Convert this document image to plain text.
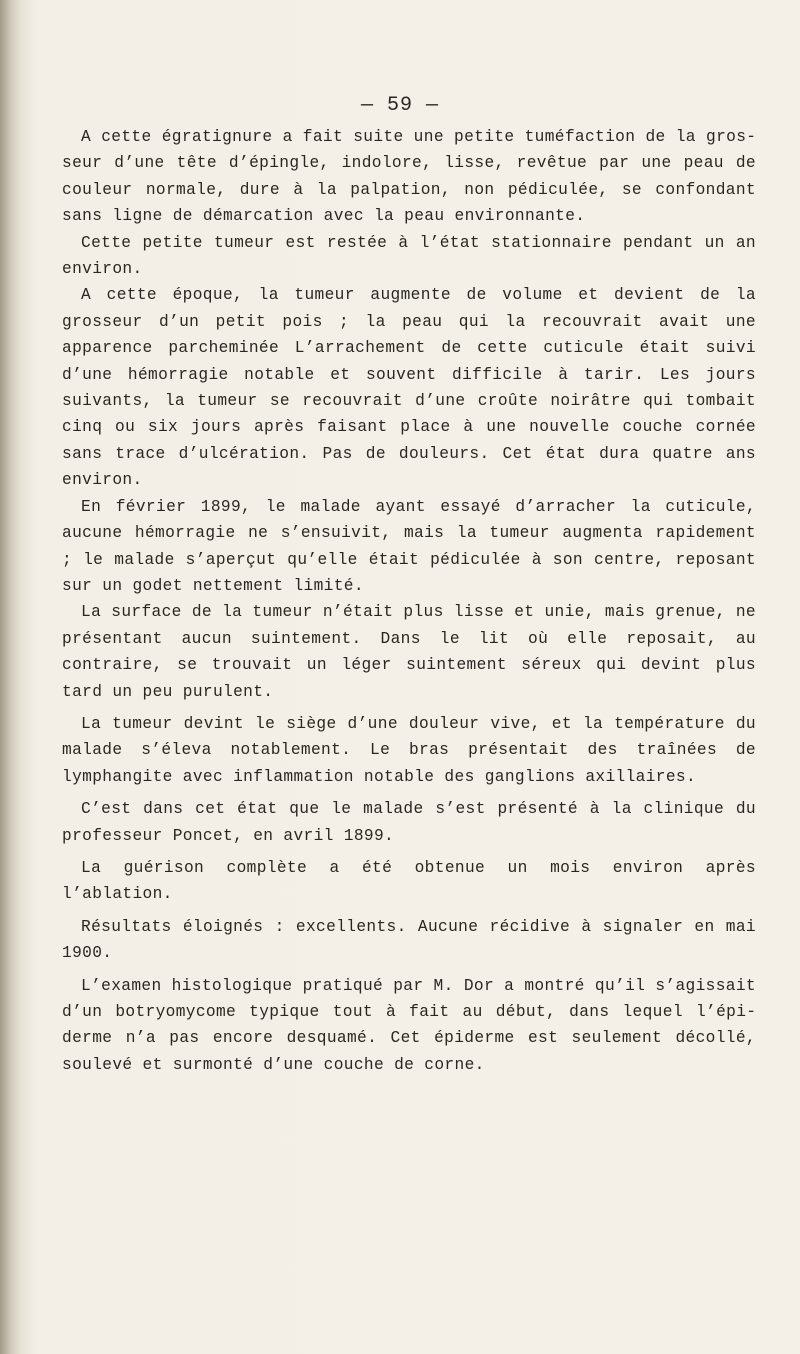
— 59 —

A cette égratignure a fait suite une petite tuméfaction de la grosseur d’une tête d’épingle, indolore, lisse, revêtue par une peau de couleur normale, dure à la palpation, non pédiculée, se confondant sans ligne de démarcation avec la peau environnante.

Cette petite tumeur est restée à l’état stationnaire pendant un an environ.

A cette époque, la tumeur augmente de volume et devient de la grosseur d’un petit pois ; la peau qui la recouvrait avait une apparence parcheminée L’arrachement de cette cuticule était suivi d’une hémorragie notable et souvent difficile à tarir. Les jours suivants, la tumeur se recouvrait d’une croûte noirâtre qui tombait cinq ou six jours après faisant place à une nouvelle couche cornée sans trace d’ulcération. Pas de douleurs. Cet état dura quatre ans environ.

En février 1899, le malade ayant essayé d’arracher la cuticule, aucune hémorragie ne s’ensuivit, mais la tumeur augmenta rapidement ; le malade s’aperçut qu’elle était pédiculée à son centre, reposant sur un godet nettement limité.

La surface de la tumeur n’était plus lisse et unie, mais grenue, ne présentant aucun suintement. Dans le lit où elle reposait, au contraire, se trouvait un léger suintement séreux qui devint plus tard un peu purulent.

La tumeur devint le siège d’une douleur vive, et la température du malade s’éleva notablement. Le bras présentait des traînées de lymphangite avec inflammation notable des ganglions axillaires.

C’est dans cet état que le malade s’est présenté à la clinique du professeur Poncet, en avril 1899.

La guérison complète a été obtenue un mois environ après l’ablation.

Résultats éloignés : excellents. Aucune récidive à signaler en mai 1900.

L’examen histologique pratiqué par M. Dor a montré qu’il s’agissait d’un botryomycome typique tout à fait au début, dans lequel l’épiderme n’a pas encore desquamé. Cet épiderme est seulement décollé, soulevé et surmonté d’une couche de corne.
